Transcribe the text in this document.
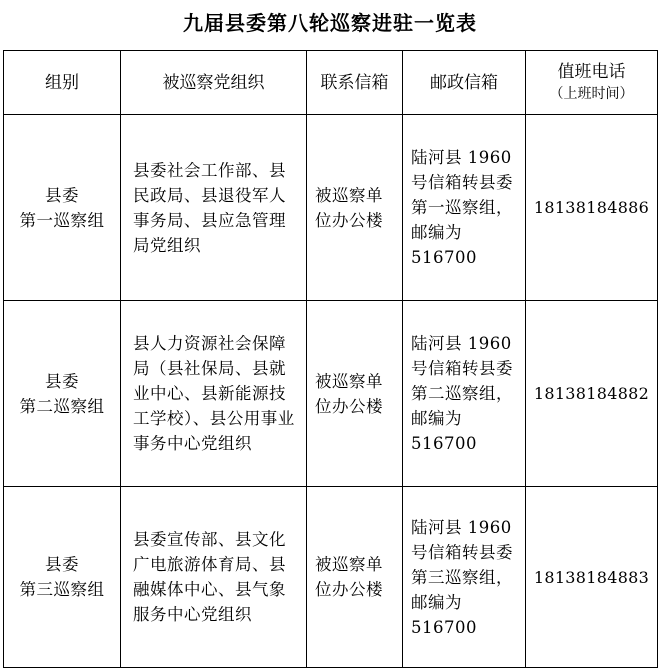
九届县委第八轮巡察进驻一览表
组别	被巡察党组织	联系信箱	邮政信箱	值班电话
（上班时间）

县委
第一巡察组	县委社会工作部、县民政局、县退役军人事务局、县应急管理局党组织	被巡察单位办公楼	陆河县 1960 号信箱转县委第一巡察组，邮编为516700	18138184886

县委
第二巡察组	县人力资源社会保障局（县社保局、县就业中心、县新能源技工学校）、县公用事业事务中心党组织	被巡察单位办公楼	陆河县 1960 号信箱转县委第二巡察组，邮编为516700	18138184882

县委
第三巡察组	县委宣传部、县文化广电旅游体育局、县融媒体中心、县气象服务中心党组织	被巡察单位办公楼	陆河县 1960 号信箱转县委第三巡察组，邮编为516700	18138184883
